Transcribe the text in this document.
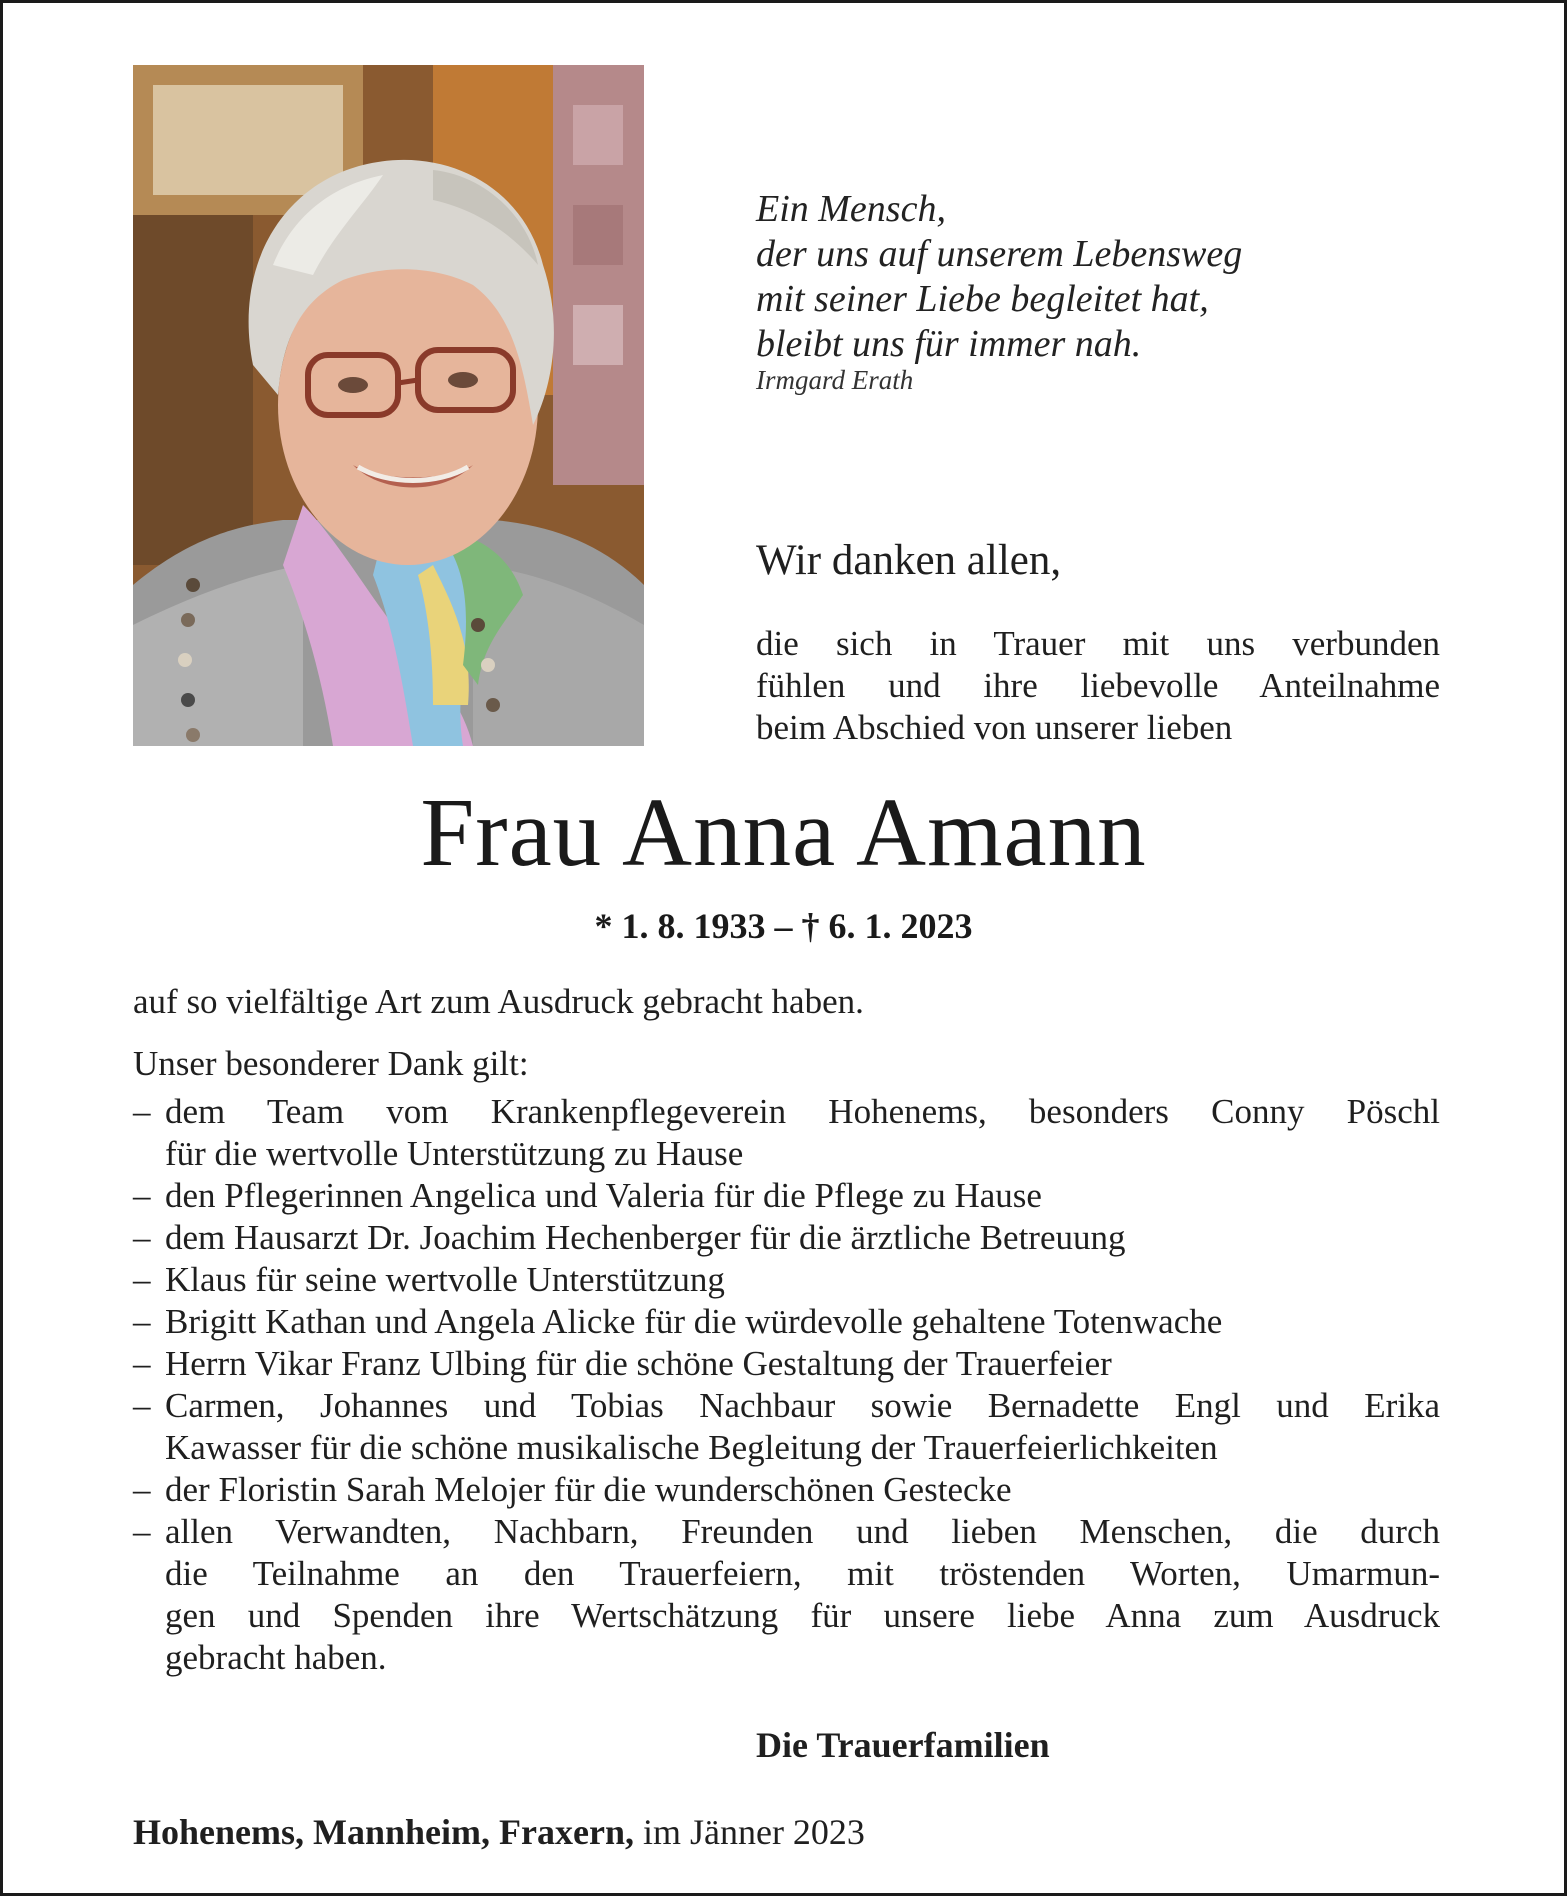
Ein Mensch,
der uns auf unserem Lebensweg
mit seiner Liebe begleitet hat,
bleibt uns für immer nah.
Irmgard Erath
Wir danken allen,
die sich in Trauer mit uns verbunden
fühlen und ihre liebevolle Anteilnahme
beim Abschied von unserer lieben
Frau Anna Amann
* 1. 8. 1933 – † 6. 1. 2023
auf so vielfältige Art zum Ausdruck gebracht haben.
Unser besonderer Dank gilt:
– dem Team vom Krankenpflegeverein Hohenems, besonders Conny Pöschl
für die wertvolle Unterstützung zu Hause
– den Pflegerinnen Angelica und Valeria für die Pflege zu Hause
– dem Hausarzt Dr. Joachim Hechenberger für die ärztliche Betreuung
– Klaus für seine wertvolle Unterstützung
– Brigitt Kathan und Angela Alicke für die würdevolle gehaltene Totenwache
– Herrn Vikar Franz Ulbing für die schöne Gestaltung der Trauerfeier
– Carmen, Johannes und Tobias Nachbaur sowie Bernadette Engl und Erika
Kawasser für die schöne musikalische Begleitung der Trauerfeierlichkeiten
– der Floristin Sarah Melojer für die wunderschönen Gestecke
– allen Verwandten, Nachbarn, Freunden und lieben Menschen, die durch
die Teilnahme an den Trauerfeiern, mit tröstenden Worten, Umarmun-
gen und Spenden ihre Wertschätzung für unsere liebe Anna zum Ausdruck
gebracht haben.
Die Trauerfamilien
Hohenems, Mannheim, Fraxern, im Jänner 2023
